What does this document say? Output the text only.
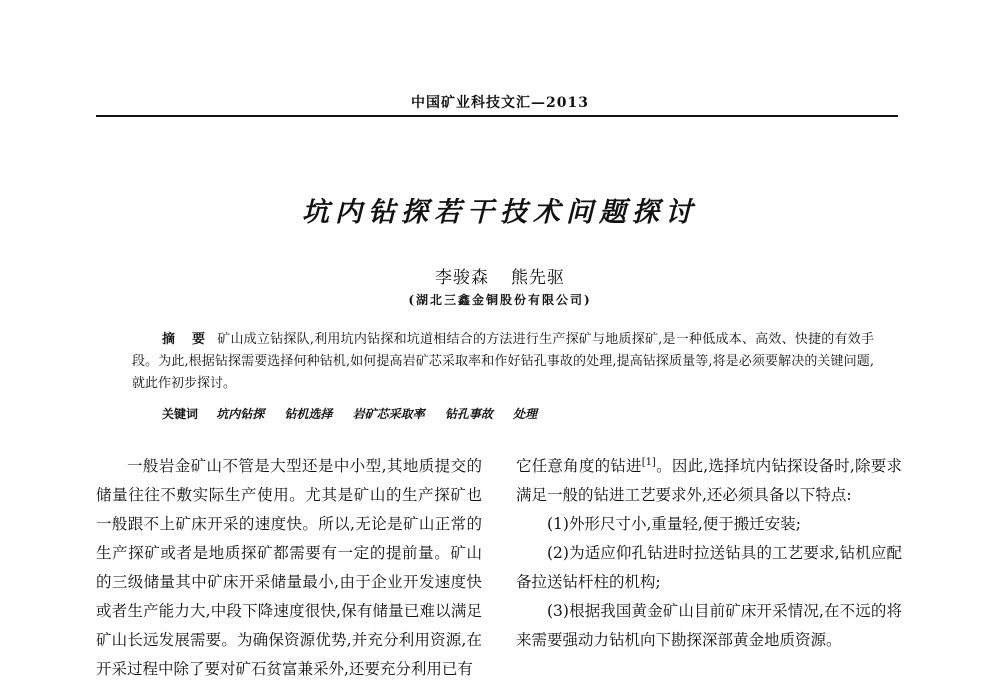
中国矿业科技文汇—2013
坑内钻探若干技术问题探讨
李骏森 熊先驱
(湖北三鑫金铜股份有限公司)
摘 要 矿山成立钻探队,利用坑内钻探和坑道相结合的方法进行生产探矿与地质探矿,是一种低成本、高效、快捷的有效手段。为此,根据钻探需要选择何种钻机,如何提高岩矿芯采取率和作好钻孔事故的处理,提高钻探质量等,将是必须要解决的关键问题,就此作初步探讨。
关键词 坑内钻探 钻机选择 岩矿芯采取率 钻孔事故 处理

一般岩金矿山不管是大型还是中小型,其地质提交的储量往往不敷实际生产使用。尤其是矿山的生产探矿也一般跟不上矿床开采的速度快。所以,无论是矿山正常的生产探矿或者是地质探矿都需要有一定的提前量。矿山的三级储量其中矿床开采储量最小,由于企业开发速度快或者生产能力大,中段下降速度很快,保有储量已难以满足矿山长远发展需要。为确保资源优势,并充分利用资源,在开采过程中除了要对矿石贫富兼采外,还要充分利用已有

它任意角度的钻进[1]。因此,选择坑内钻探设备时,除要求满足一般的钻进工艺要求外,还必须具备以下特点:

(1)外形尺寸小,重量轻,便于搬迁安装;

(2)为适应仰孔钻进时拉送钻具的工艺要求,钻机应配备拉送钻杆柱的机构;

(3)根据我国黄金矿山目前矿床开采情况,在不远的将来需要强动力钻机向下勘探深部黄金地质资源。
